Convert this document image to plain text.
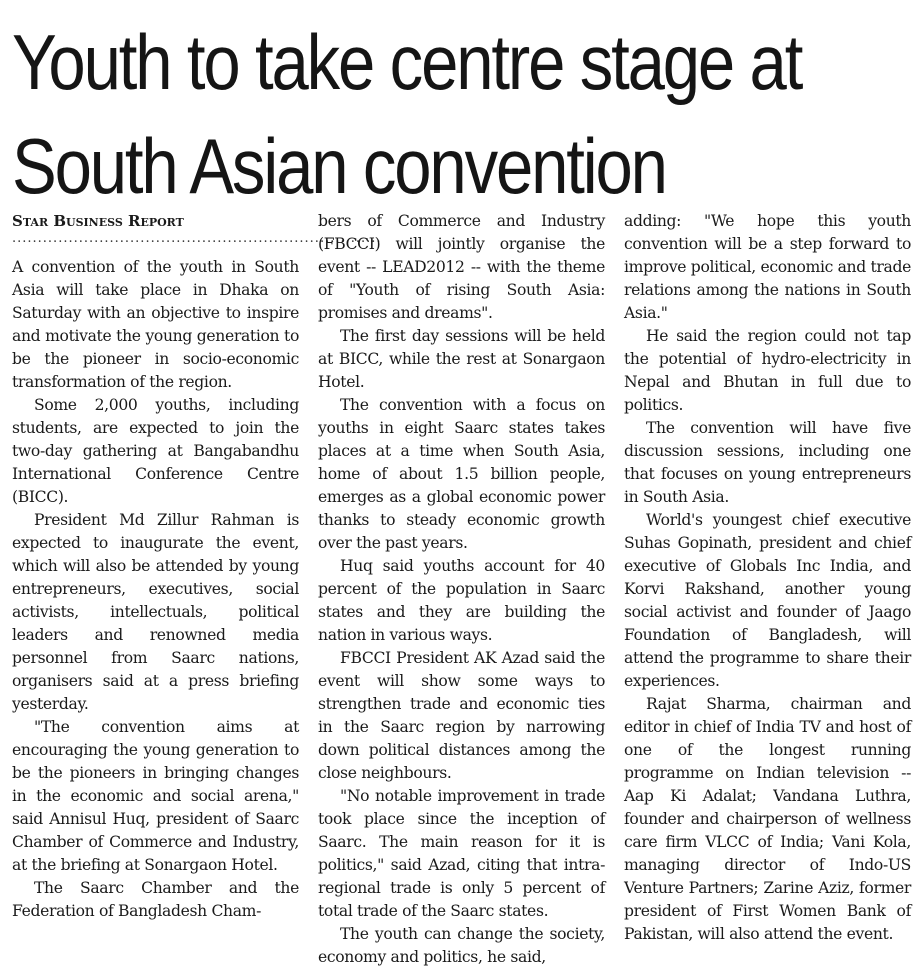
Youth to take centre stage at
South Asian convention
Star Business Report
........................................................................

A convention of the youth in South Asia will take place in Dhaka on Saturday with an objective to inspire and motivate the young generation to be the pioneer in socio-economic transformation of the region.

Some 2,000 youths, including students, are expected to join the two-day gathering at Bangabandhu International Conference Centre (BICC).

President Md Zillur Rahman is expected to inaugurate the event, which will also be attended by young entrepreneurs, executives, social activists, intellectuals, political leaders and renowned media personnel from Saarc nations, organisers said at a press briefing yesterday.

"The convention aims at encouraging the young generation to be the pioneers in bringing changes in the economic and social arena," said Annisul Huq, president of Saarc Chamber of Commerce and Industry, at the briefing at Sonargaon Hotel.

The Saarc Chamber and the Federation of Bangladesh Cham-

bers of Commerce and Industry (FBCCI) will jointly organise the event -- LEAD2012 -- with the theme of "Youth of rising South Asia: promises and dreams".

The first day sessions will be held at BICC, while the rest at Sonargaon Hotel.

The convention with a focus on youths in eight Saarc states takes places at a time when South Asia, home of about 1.5 billion people, emerges as a global economic power thanks to steady economic growth over the past years.

Huq said youths account for 40 percent of the population in Saarc states and they are building the nation in various ways.

FBCCI President AK Azad said the event will show some ways to strengthen trade and economic ties in the Saarc region by narrowing down political distances among the close neighbours.

"No notable improvement in trade took place since the inception of Saarc. The main reason for it is politics," said Azad, citing that intra-regional trade is only 5 percent of total trade of the Saarc states.

The youth can change the society, economy and politics, he said,

adding: "We hope this youth convention will be a step forward to improve political, economic and trade relations among the nations in South Asia."

He said the region could not tap the potential of hydro-electricity in Nepal and Bhutan in full due to politics.

The convention will have five discussion sessions, including one that focuses on young entrepreneurs in South Asia.

World's youngest chief executive Suhas Gopinath, president and chief executive of Globals Inc India, and Korvi Rakshand, another young social activist and founder of Jaago Foundation of Bangladesh, will attend the programme to share their experiences.

Rajat Sharma, chairman and editor in chief of India TV and host of one of the longest running programme on Indian television -- Aap Ki Adalat; Vandana Luthra, founder and chairperson of wellness care firm VLCC of India; Vani Kola, managing director of Indo-US Venture Partners; Zarine Aziz, former president of First Women Bank of Pakistan, will also attend the event.
